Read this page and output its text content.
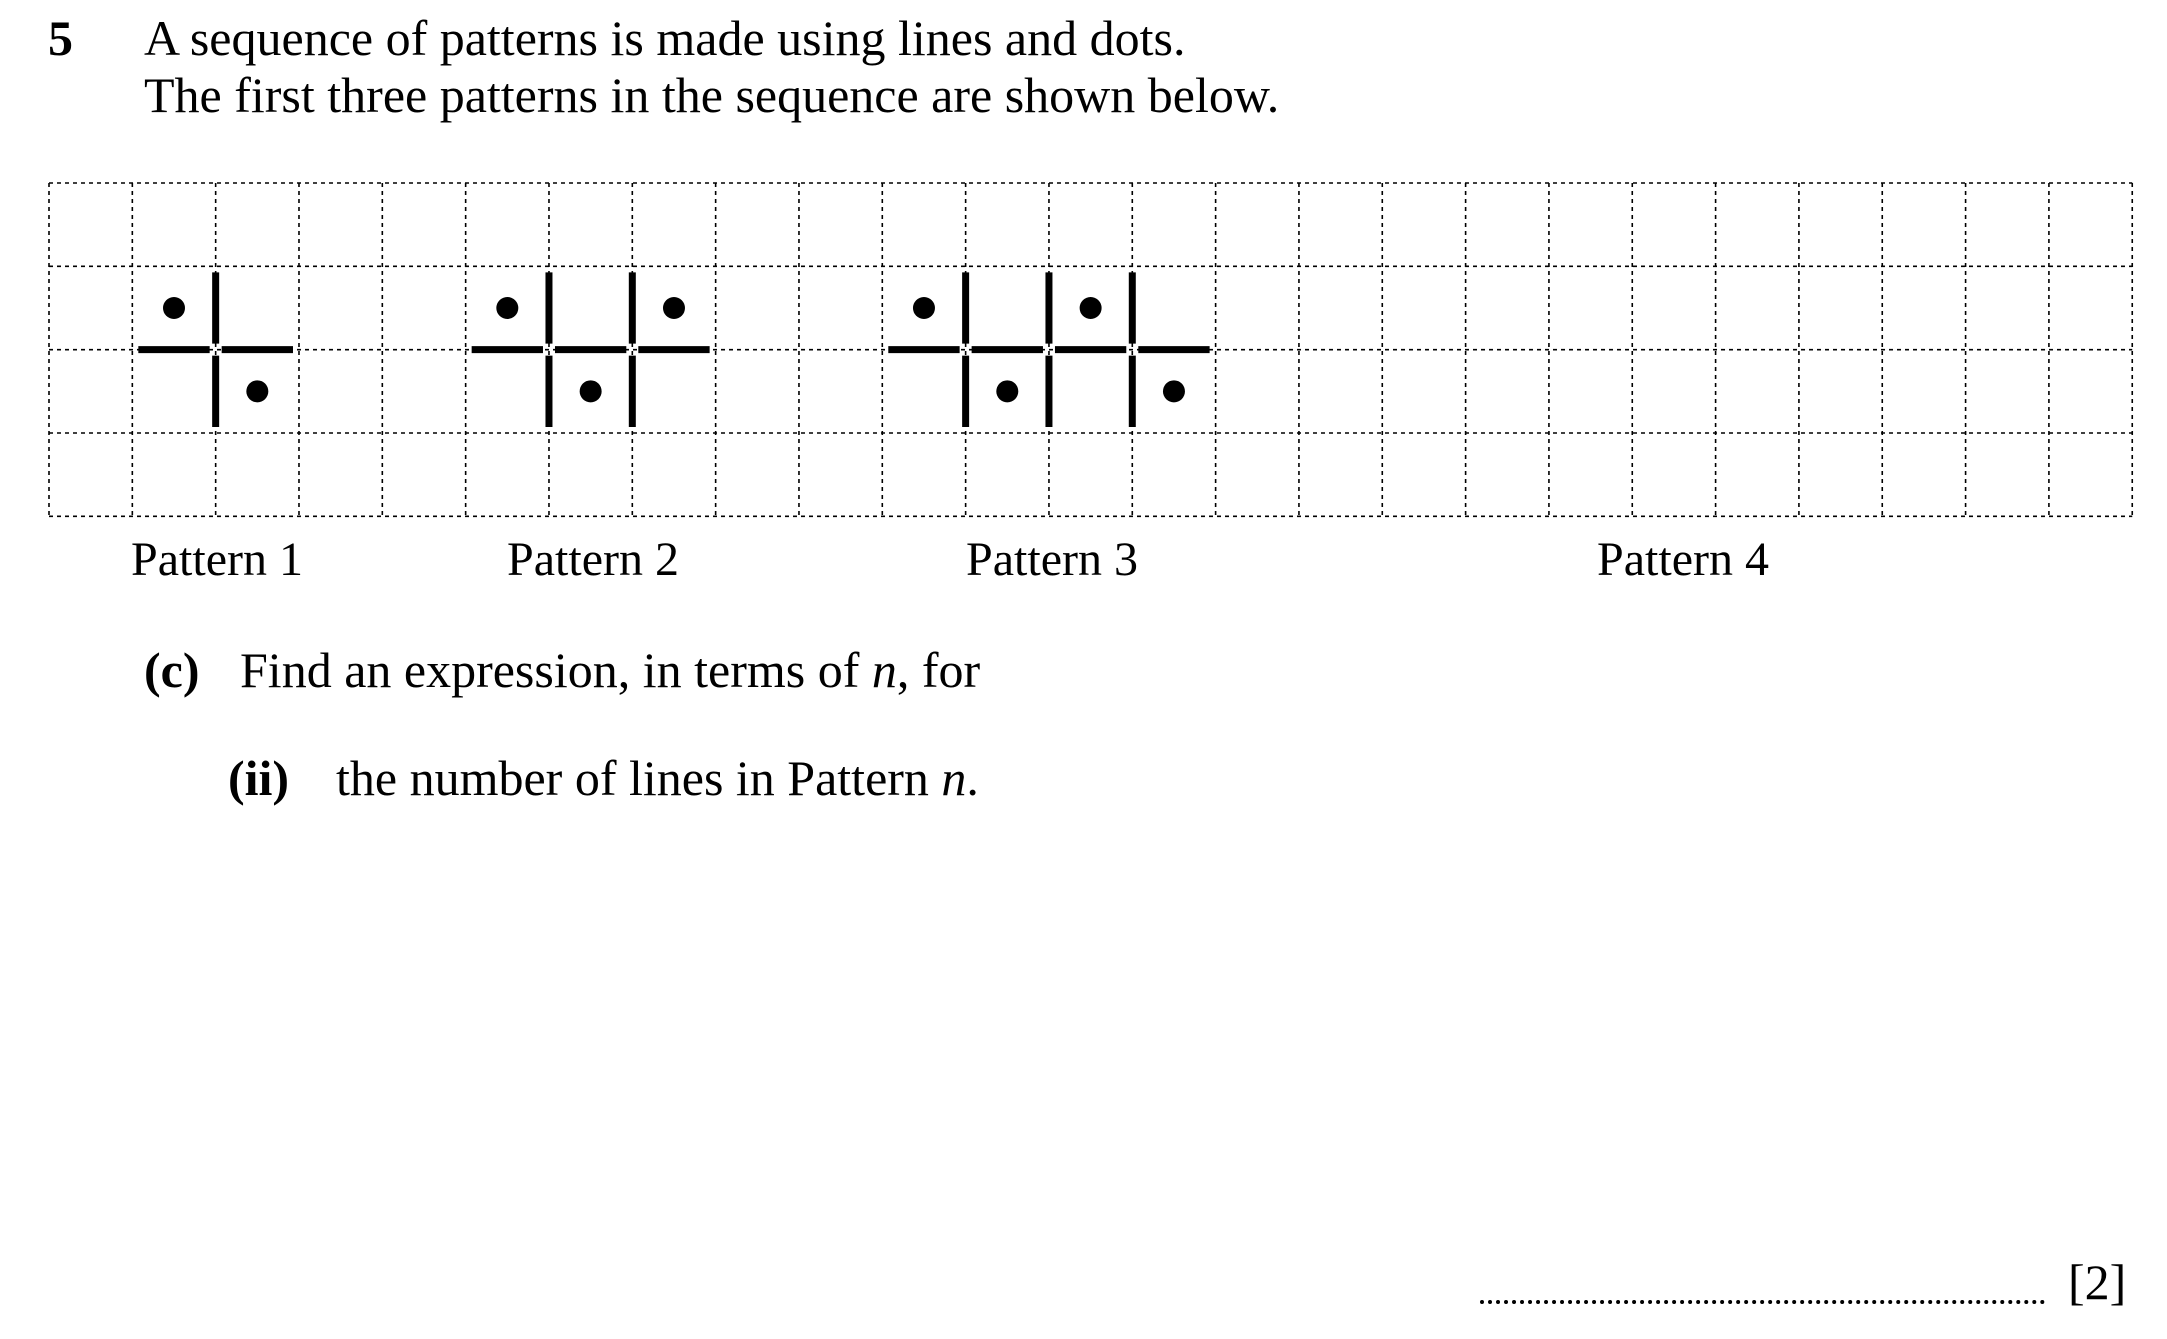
5 A sequence of patterns is made using lines and dots.
The first three patterns in the sequence are shown below.
Pattern 1	Pattern 2	Pattern 3	Pattern 4
(c) Find an expression, in terms of n, for
(ii) the number of lines in Pattern n.
[2]
